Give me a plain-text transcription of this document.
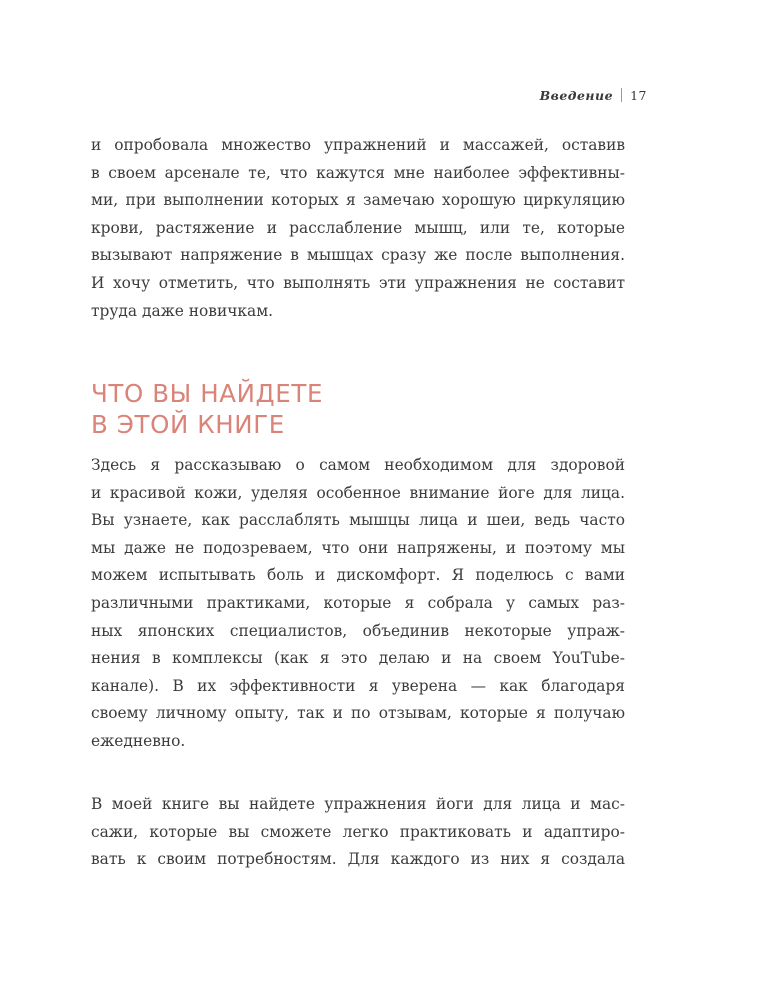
Введение 17
и опробовала множество упражнений и массажей, оставив
в своем арсенале те, что кажутся мне наиболее эффективны-
ми, при выполнении которых я замечаю хорошую циркуляцию
крови, растяжение и расслабление мышц, или те, которые
вызывают напряжение в мышцах сразу же после выполнения.
И хочу отметить, что выполнять эти упражнения не составит
труда даже новичкам.
ЧТО ВЫ НАЙДЕТЕ
В ЭТОЙ КНИГЕ
Здесь я рассказываю о самом необходимом для здоровой
и красивой кожи, уделяя особенное внимание йоге для лица.
Вы узнаете, как расслаблять мышцы лица и шеи, ведь часто
мы даже не подозреваем, что они напряжены, и поэтому мы
можем испытывать боль и дискомфорт. Я поделюсь с вами
различными практиками, которые я собрала у самых раз-
ных японских специалистов, объединив некоторые упраж-
нения в комплексы (как я это делаю и на своем YouTube-
канале). В их эффективности я уверена — как благодаря
своему личному опыту, так и по отзывам, которые я получаю
ежедневно.
В моей книге вы найдете упражнения йоги для лица и мас-
сажи, которые вы сможете легко практиковать и адаптиро-
вать к своим потребностям. Для каждого из них я создала
